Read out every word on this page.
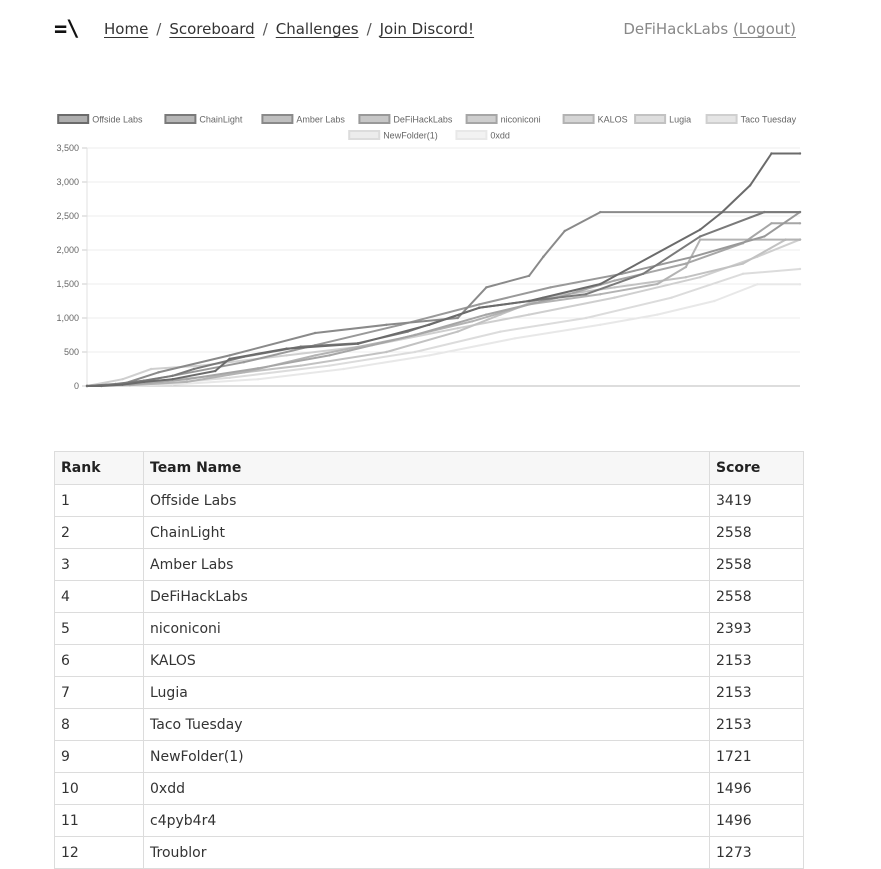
=\ Home / Scoreboard / Challenges / Join Discord!	DeFiHackLabs (Logout)
0
500
1,000
1,500
2,000
2,500
3,000
3,500
Offside Labs	ChainLight	Amber Labs	DeFiHackLabs	niconiconi	KALOS	Lugia	Taco Tuesday
NewFolder(1)	0xdd
Rank	Team Name	Score
1	Offside Labs	3419
2	ChainLight	2558
3	Amber Labs	2558
4	DeFiHackLabs	2558
5	niconiconi	2393
6	KALOS	2153
7	Lugia	2153
8	Taco Tuesday	2153
9	NewFolder(1)	1721
10	0xdd	1496
11	c4pyb4r4	1496
12	Troublor	1273
